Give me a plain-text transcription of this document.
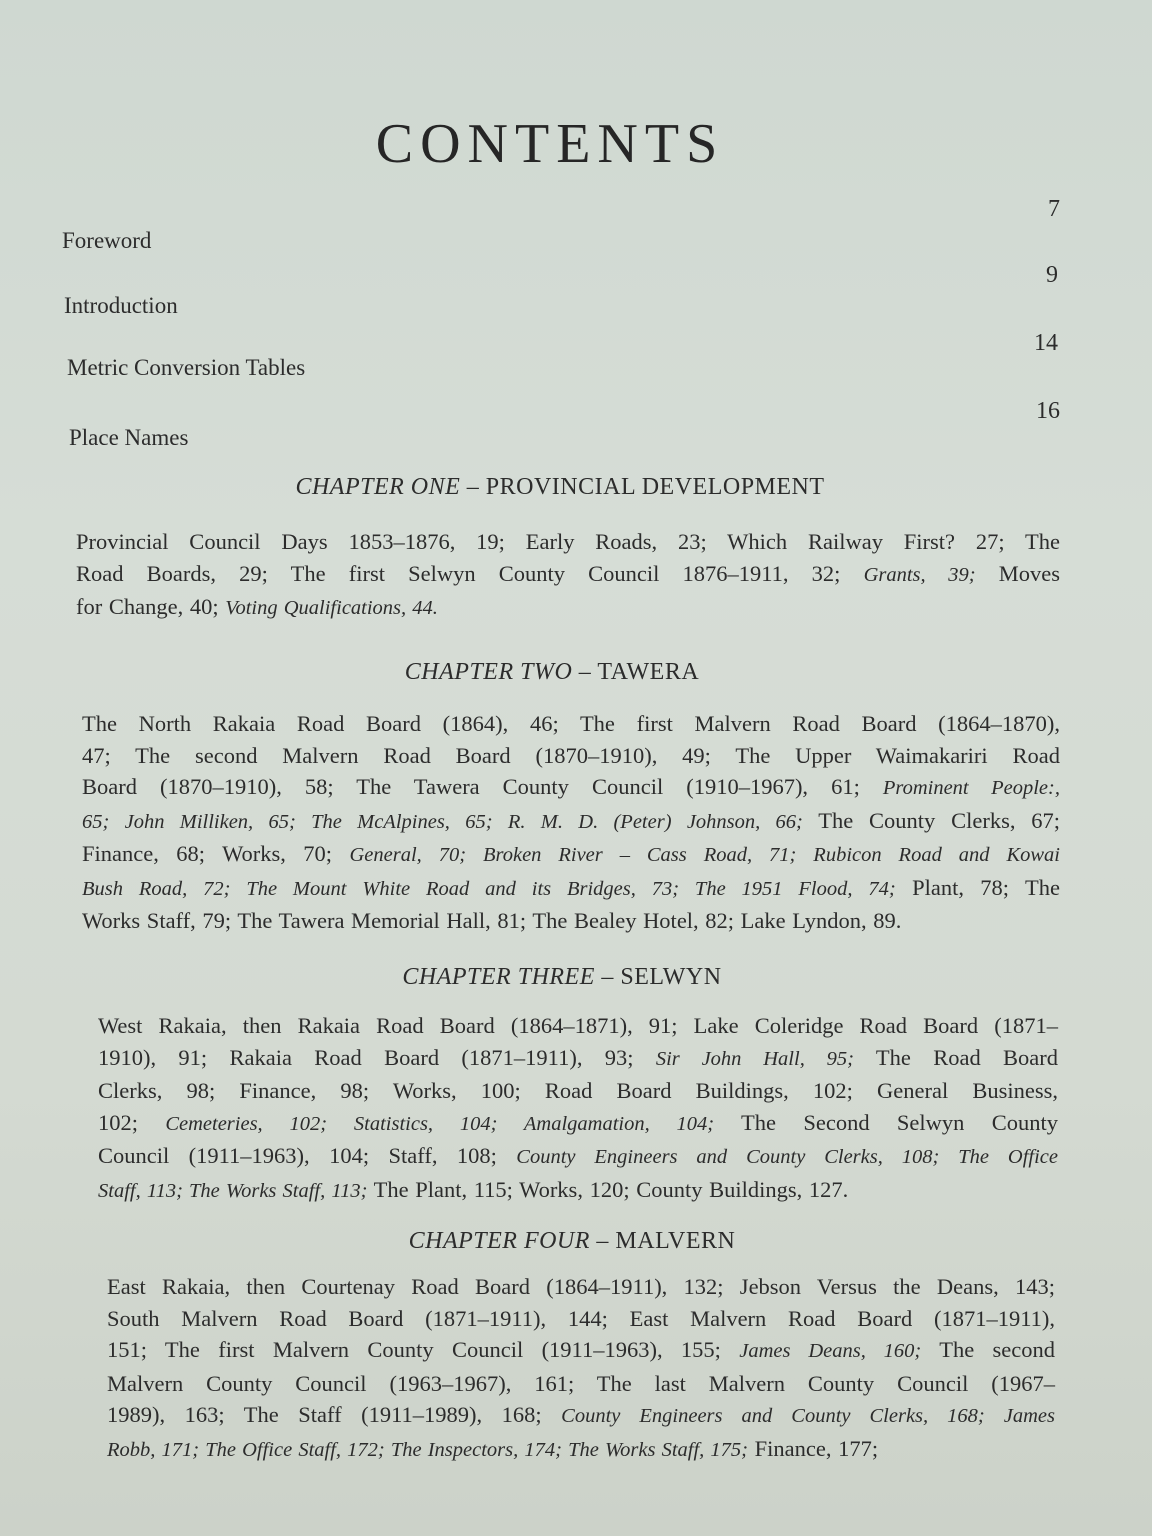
CONTENTS
Foreword
7
Introduction
9
Metric Conversion Tables
14
Place Names
16
CHAPTER ONE – PROVINCIAL DEVELOPMENT
Provincial Council Days 1853–1876, 19; Early Roads, 23; Which Railway First? 27; The
Road Boards, 29; The first Selwyn County Council 1876–1911, 32; Grants, 39; Moves
for Change, 40; Voting Qualifications, 44.
CHAPTER TWO – TAWERA
The North Rakaia Road Board (1864), 46; The first Malvern Road Board (1864–1870),
47; The second Malvern Road Board (1870–1910), 49; The Upper Waimakariri Road
Board (1870–1910), 58; The Tawera County Council (1910–1967), 61; Prominent People:,
65; John Milliken, 65; The McAlpines, 65; R. M. D. (Peter) Johnson, 66; The County Clerks, 67;
Finance, 68; Works, 70; General, 70; Broken River – Cass Road, 71; Rubicon Road and Kowai
Bush Road, 72; The Mount White Road and its Bridges, 73; The 1951 Flood, 74; Plant, 78; The
Works Staff, 79; The Tawera Memorial Hall, 81; The Bealey Hotel, 82; Lake Lyndon, 89.
CHAPTER THREE – SELWYN
West Rakaia, then Rakaia Road Board (1864–1871), 91; Lake Coleridge Road Board (1871–
1910), 91; Rakaia Road Board (1871–1911), 93; Sir John Hall, 95; The Road Board
Clerks, 98; Finance, 98; Works, 100; Road Board Buildings, 102; General Business,
102; Cemeteries, 102; Statistics, 104; Amalgamation, 104; The Second Selwyn County
Council (1911–1963), 104; Staff, 108; County Engineers and County Clerks, 108; The Office
Staff, 113; The Works Staff, 113; The Plant, 115; Works, 120; County Buildings, 127.
CHAPTER FOUR – MALVERN
East Rakaia, then Courtenay Road Board (1864–1911), 132; Jebson Versus the Deans, 143;
South Malvern Road Board (1871–1911), 144; East Malvern Road Board (1871–1911),
151; The first Malvern County Council (1911–1963), 155; James Deans, 160; The second
Malvern County Council (1963–1967), 161; The last Malvern County Council (1967–
1989), 163; The Staff (1911–1989), 168; County Engineers and County Clerks, 168; James
Robb, 171; The Office Staff, 172; The Inspectors, 174; The Works Staff, 175; Finance, 177;
